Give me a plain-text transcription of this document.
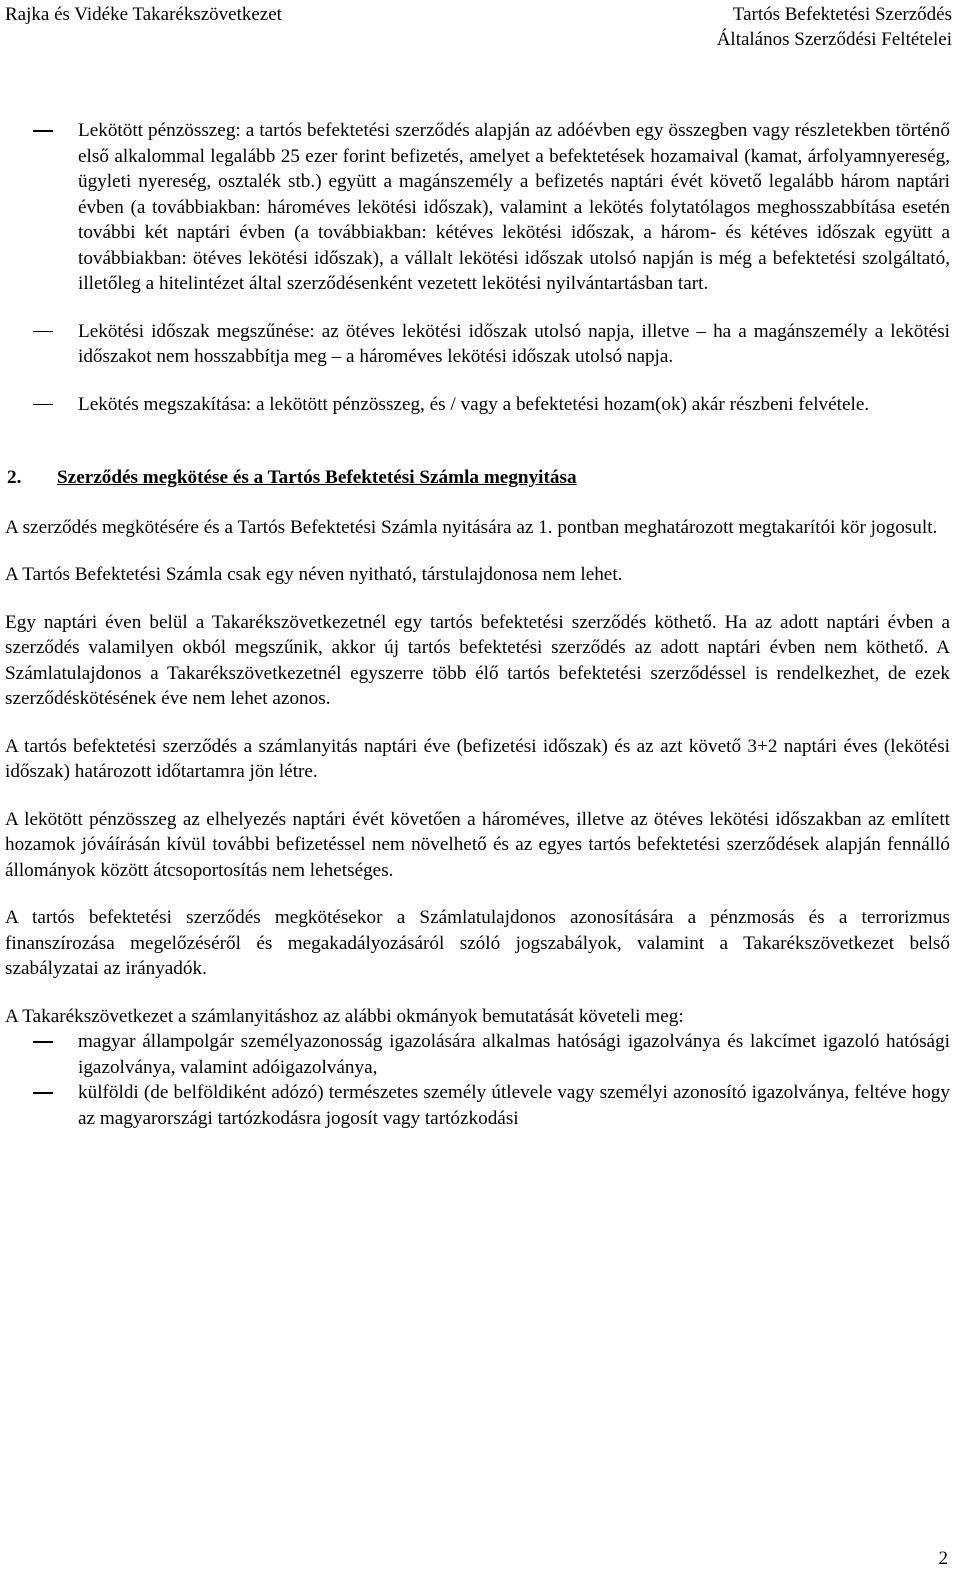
Rajka és Vidéke Takarékszövetkezet	Tartós Befektetési Szerződés
Általános Szerződési Feltételei
Lekötött pénzösszeg: a tartós befektetési szerződés alapján az adóévben egy összegben vagy részletekben történő első alkalommal legalább 25 ezer forint befizetés, amelyet a befektetések hozamaival (kamat, árfolyamnyereség, ügyleti nyereség, osztalék stb.) együtt a magánszemély a befizetés naptári évét követő legalább három naptári évben (a továbbiakban: hároméves lekötési időszak), valamint a lekötés folytatólagos meghosszabbítása esetén további két naptári évben (a továbbiakban: kétéves lekötési időszak, a három- és kétéves időszak együtt a továbbiakban: ötéves lekötési időszak), a vállalt lekötési időszak utolsó napján is még a befektetési szolgáltató, illetőleg a hitelintézet által szerződésenként vezetett lekötési nyilvántartásban tart.
Lekötési időszak megszűnése: az ötéves lekötési időszak utolsó napja, illetve – ha a magánszemély a lekötési időszakot nem hosszabbítja meg – a hároméves lekötési időszak utolsó napja.
Lekötés megszakítása: a lekötött pénzösszeg, és / vagy a befektetési hozam(ok) akár részbeni felvétele.
2. Szerződés megkötése és a Tartós Befektetési Számla megnyitása

A szerződés megkötésére és a Tartós Befektetési Számla nyitására az 1. pontban meghatározott megtakarítói kör jogosult.

A Tartós Befektetési Számla csak egy néven nyitható, társtulajdonosa nem lehet.

Egy naptári éven belül a Takarékszövetkezetnél egy tartós befektetési szerződés köthető. Ha az adott naptári évben a szerződés valamilyen okból megszűnik, akkor új tartós befektetési szerződés az adott naptári évben nem köthető. A Számlatulajdonos a Takarékszövetkezetnél egyszerre több élő tartós befektetési szerződéssel is rendelkezhet, de ezek szerződéskötésének éve nem lehet azonos.

A tartós befektetési szerződés a számlanyitás naptári éve (befizetési időszak) és az azt követő 3+2 naptári éves (lekötési időszak) határozott időtartamra jön létre.

A lekötött pénzösszeg az elhelyezés naptári évét követően a hároméves, illetve az ötéves lekötési időszakban az említett hozamok jóváírásán kívül további befizetéssel nem növelhető és az egyes tartós befektetési szerződések alapján fennálló állományok között átcsoportosítás nem lehetséges.

A tartós befektetési szerződés megkötésekor a Számlatulajdonos azonosítására a pénzmosás és a terrorizmus finanszírozása megelőzéséről és megakadályozásáról szóló jogszabályok, valamint a Takarékszövetkezet belső szabályzatai az irányadók.

A Takarékszövetkezet a számlanyitáshoz az alábbi okmányok bemutatását követeli meg:

magyar állampolgár személyazonosság igazolására alkalmas hatósági igazolványa és lakcímet igazoló hatósági igazolványa, valamint adóigazolványa,
külföldi (de belföldiként adózó) természetes személy útlevele vagy személyi azonosító igazolványa, feltéve hogy az magyarországi tartózkodásra jogosít vagy tartózkodási
2
